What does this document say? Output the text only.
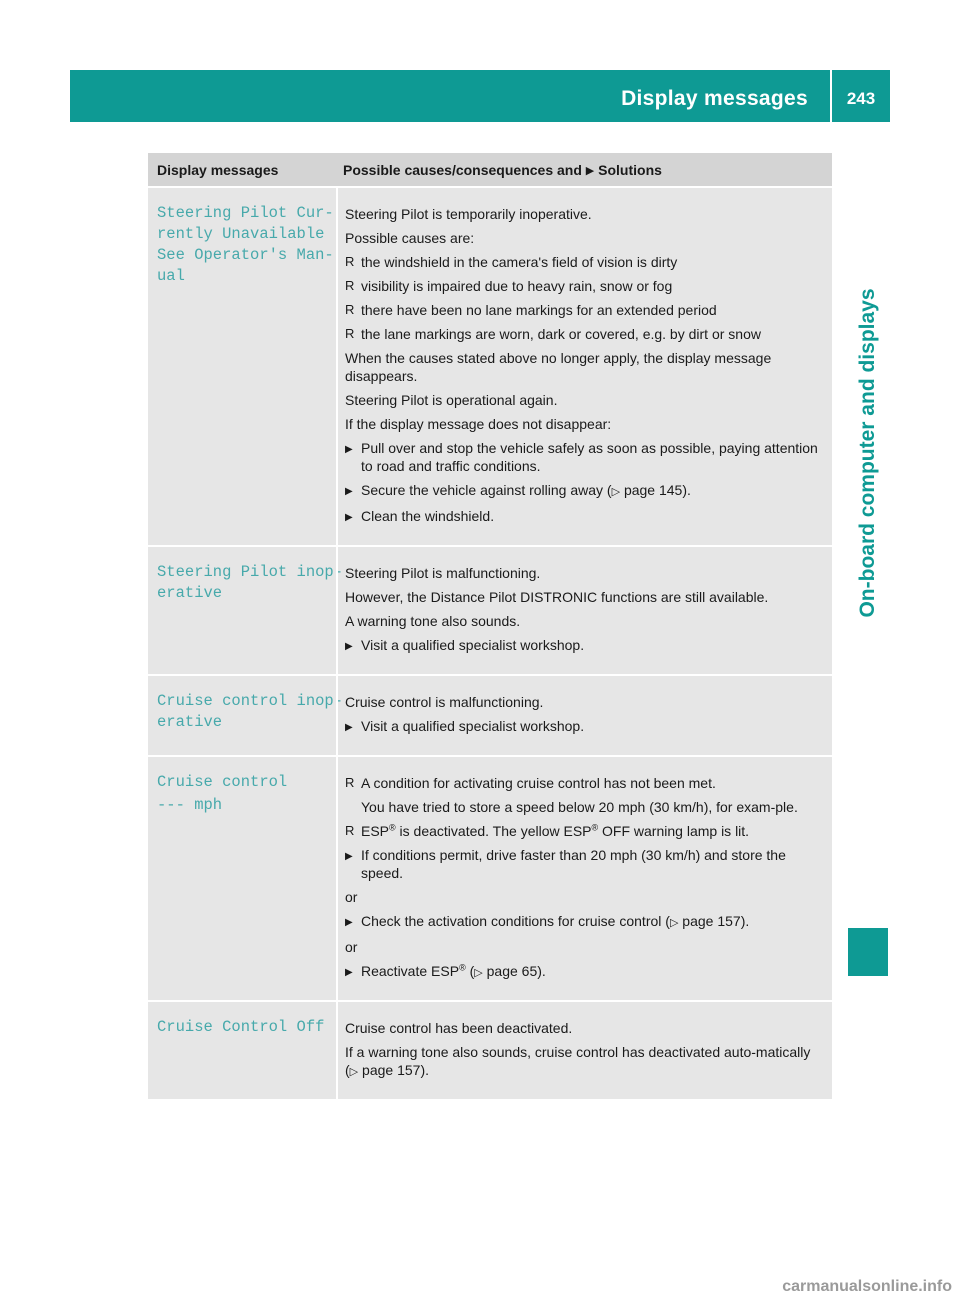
Display messages	243
On-board computer and displays
Display messages	Possible causes/consequences and ▶ Solutions
Steering Pilot Cur-
rently Unavailable
See Operator's Man-
ual
Steering Pilot is temporarily inoperative.
Possible causes are:
R the windshield in the camera's field of vision is dirty
R visibility is impaired due to heavy rain, snow or fog
R there have been no lane markings for an extended period
R the lane markings are worn, dark or covered, e.g. by dirt or snow
When the causes stated above no longer apply, the display message disappears.
Steering Pilot is operational again.
If the display message does not disappear:
▶ Pull over and stop the vehicle safely as soon as possible, paying attention to road and traffic conditions.
▶ Secure the vehicle against rolling away (▷ page 145).
▶ Clean the windshield.
Steering Pilot inop-
erative
Steering Pilot is malfunctioning.
However, the Distance Pilot DISTRONIC functions are still available.
A warning tone also sounds.
▶ Visit a qualified specialist workshop.
Cruise control inop-
erative
Cruise control is malfunctioning.
▶ Visit a qualified specialist workshop.
Cruise control
--- mph
R A condition for activating cruise control has not been met.
You have tried to store a speed below 20 mph (30 km/h), for exam-ple.
R ESP® is deactivated. The yellow ESP® OFF warning lamp is lit.
▶ If conditions permit, drive faster than 20 mph (30 km/h) and store the speed.
or
▶ Check the activation conditions for cruise control (▷ page 157).
or
▶ Reactivate ESP® (▷ page 65).
Cruise Control Off Cruise control has been deactivated.
If a warning tone also sounds, cruise control has deactivated auto-matically (▷ page 157).
carmanualsonline.info
